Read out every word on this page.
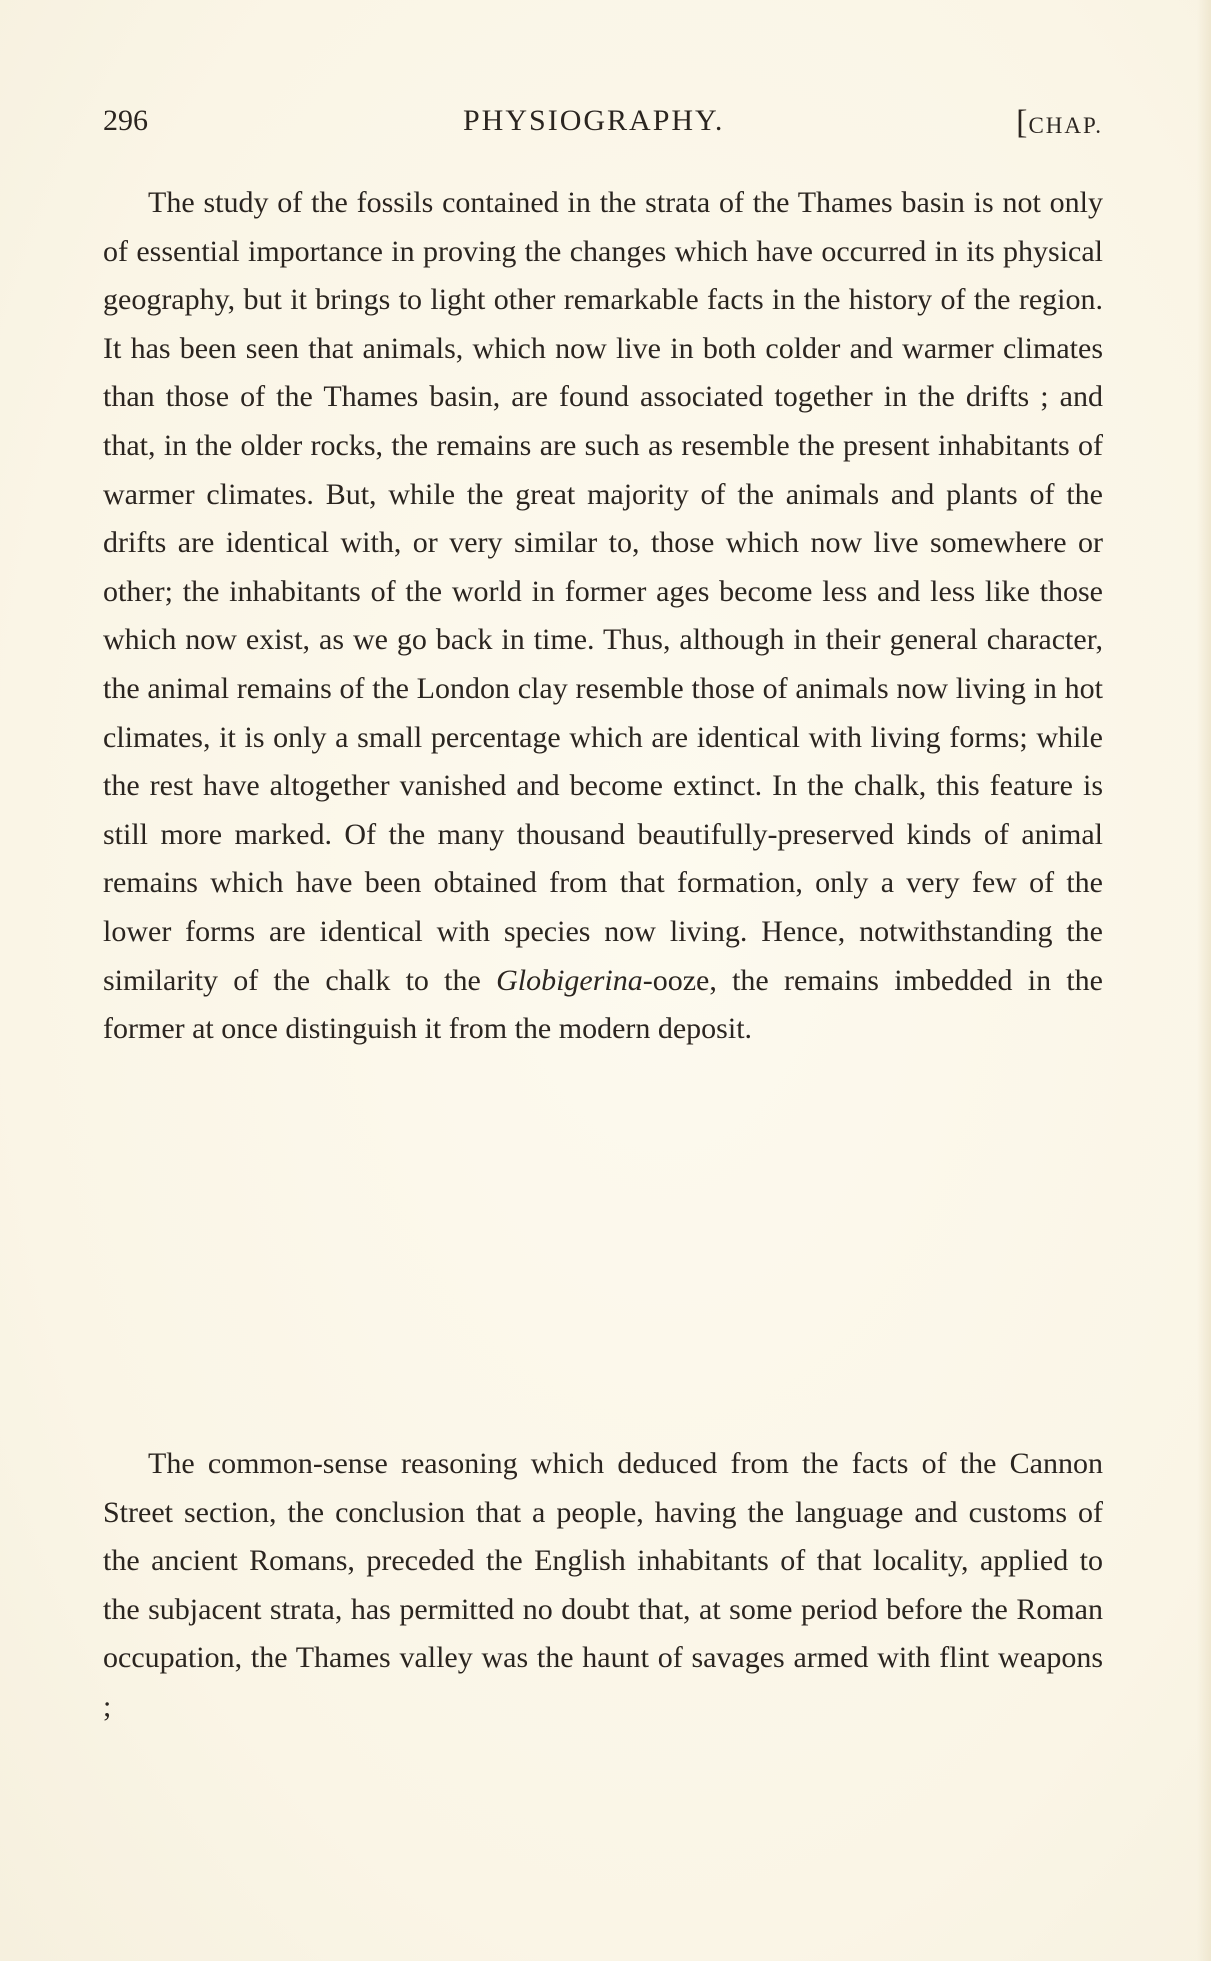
296	PHYSIOGRAPHY.	[CHAP.

The study of the fossils contained in the strata of the Thames basin is not only of essential importance in proving the changes which have occurred in its physical geography, but it brings to light other remarkable facts in the history of the region. It has been seen that animals, which now live in both colder and warmer climates than those of the Thames basin, are found associated together in the drifts ; and that, in the older rocks, the remains are such as resemble the present inhabitants of warmer climates. But, while the great majority of the animals and plants of the drifts are identical with, or very similar to, those which now live somewhere or other; the inhabitants of the world in former ages become less and less like those which now exist, as we go back in time. Thus, although in their general character, the animal remains of the London clay resemble those of animals now living in hot climates, it is only a small percentage which are identical with living forms; while the rest have altogether vanished and become extinct. In the chalk, this feature is still more marked. Of the many thousand beautifully-preserved kinds of animal remains which have been obtained from that formation, only a very few of the lower forms are identical with species now living. Hence, notwithstanding the similarity of the chalk to the Globigerina-ooze, the remains imbedded in the former at once distinguish it from the modern deposit.

The common-sense reasoning which deduced from the facts of the Cannon Street section, the conclusion that a people, having the language and customs of the ancient Romans, preceded the English inhabitants of that locality, applied to the subjacent strata, has permitted no doubt that, at some period before the Roman occupation, the Thames valley was the haunt of savages armed with flint weapons ;
